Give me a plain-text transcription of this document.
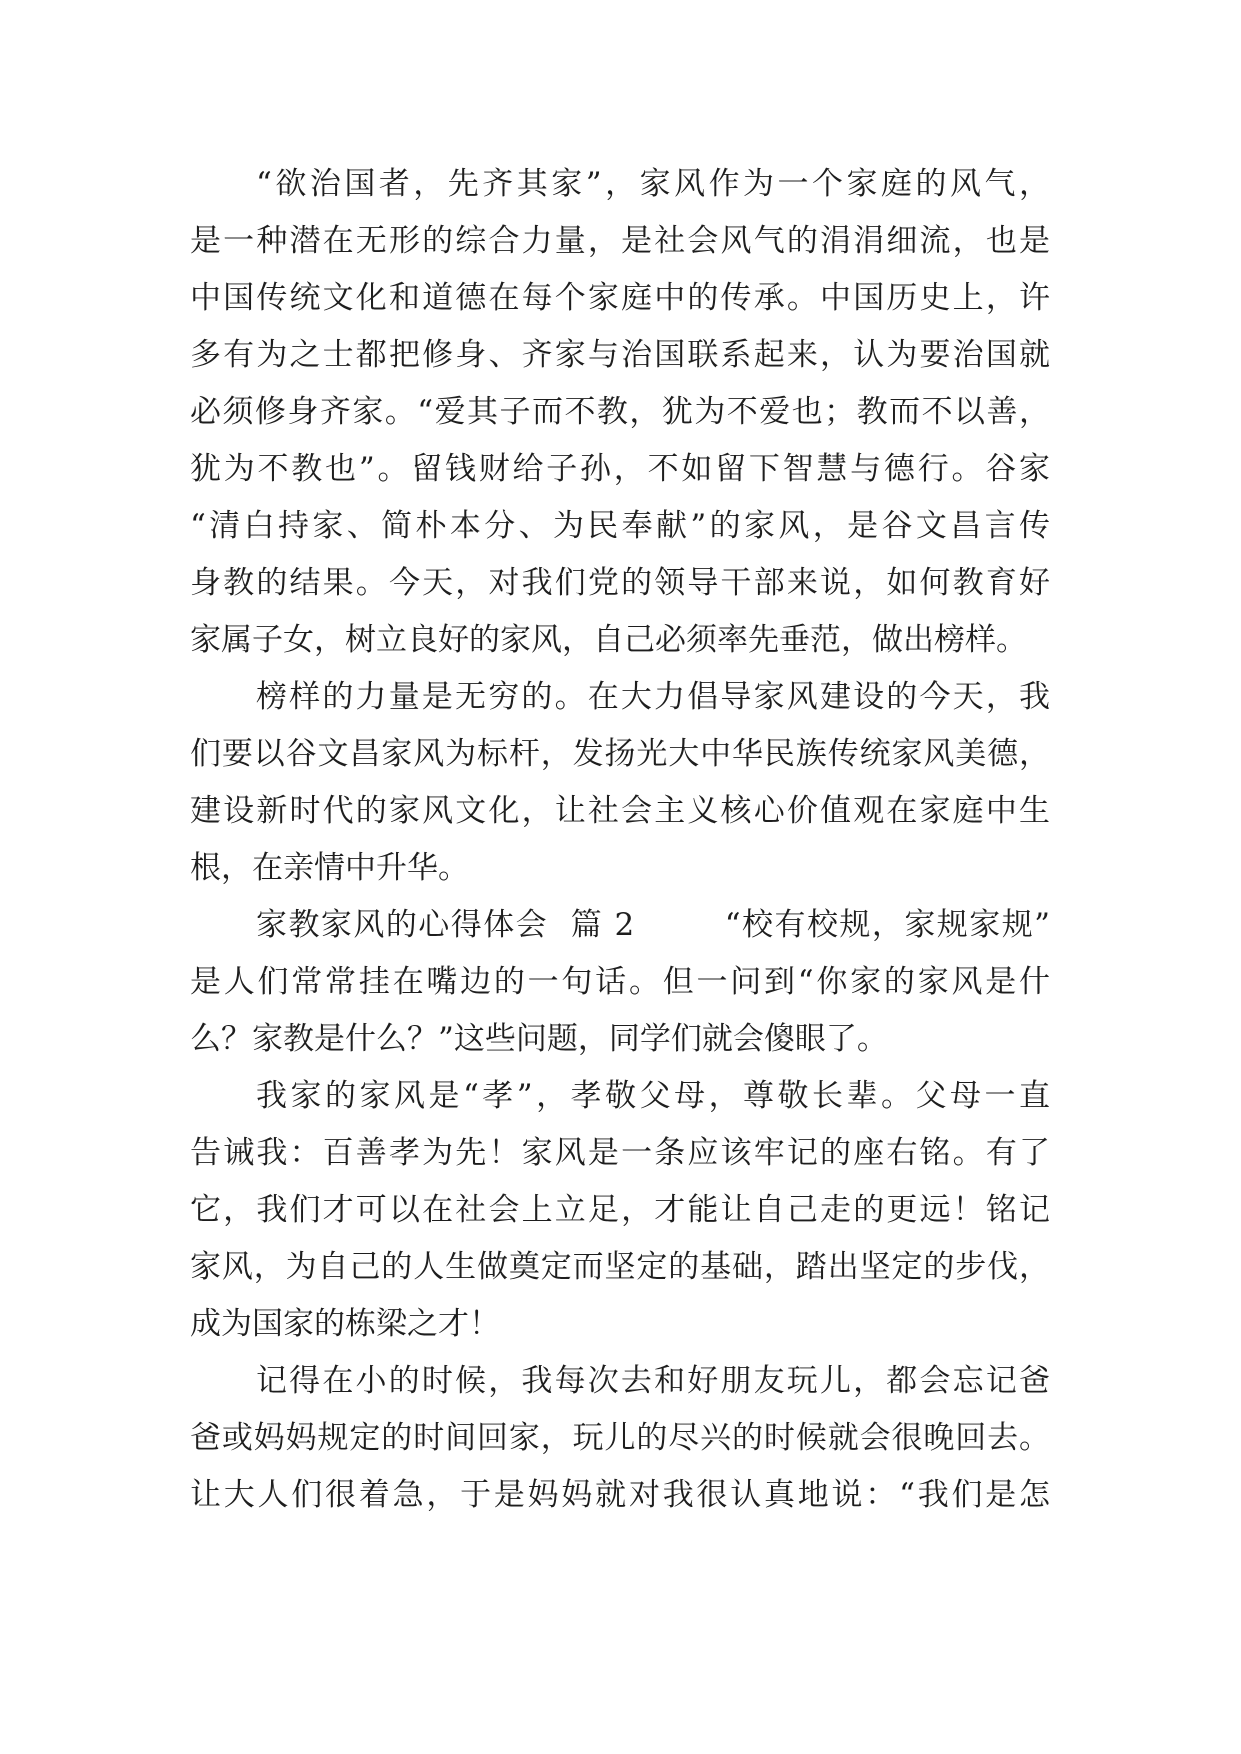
“欲治国者，先齐其家”，家风作为一个家庭的风气，
是一种潜在无形的综合力量，是社会风气的涓涓细流，也是
中国传统文化和道德在每个家庭中的传承。中国历史上，许
多有为之士都把修身、齐家与治国联系起来，认为要治国就
必须修身齐家。“爱其子而不教，犹为不爱也；教而不以善，
犹为不教也”。留钱财给子孙，不如留下智慧与德行。谷家
“清白持家、简朴本分、为民奉献”的家风，是谷文昌言传
身教的结果。今天，对我们党的领导干部来说，如何教育好
家属子女，树立良好的家风，自己必须率先垂范，做出榜样。
榜样的力量是无穷的。在大力倡导家风建设的今天，我
们要以谷文昌家风为标杆，发扬光大中华民族传统家风美德，
建设新时代的家风文化，让社会主义核心价值观在家庭中生
根，在亲情中升华。
家教家风的心得体会  篇 2        “校有校规，家规家规”
是人们常常挂在嘴边的一句话。但一问到“你家的家风是什
么？家教是什么？”这些问题，同学们就会傻眼了。
我家的家风是“孝”，孝敬父母，尊敬长辈。父母一直
告诫我：百善孝为先！家风是一条应该牢记的座右铭。有了
它，我们才可以在社会上立足，才能让自己走的更远！铭记
家风，为自己的人生做奠定而坚定的基础，踏出坚定的步伐，
成为国家的栋梁之才！
记得在小的时候，我每次去和好朋友玩儿，都会忘记爸
爸或妈妈规定的时间回家，玩儿的尽兴的时候就会很晚回去。
让大人们很着急，于是妈妈就对我很认真地说：“我们是怎
